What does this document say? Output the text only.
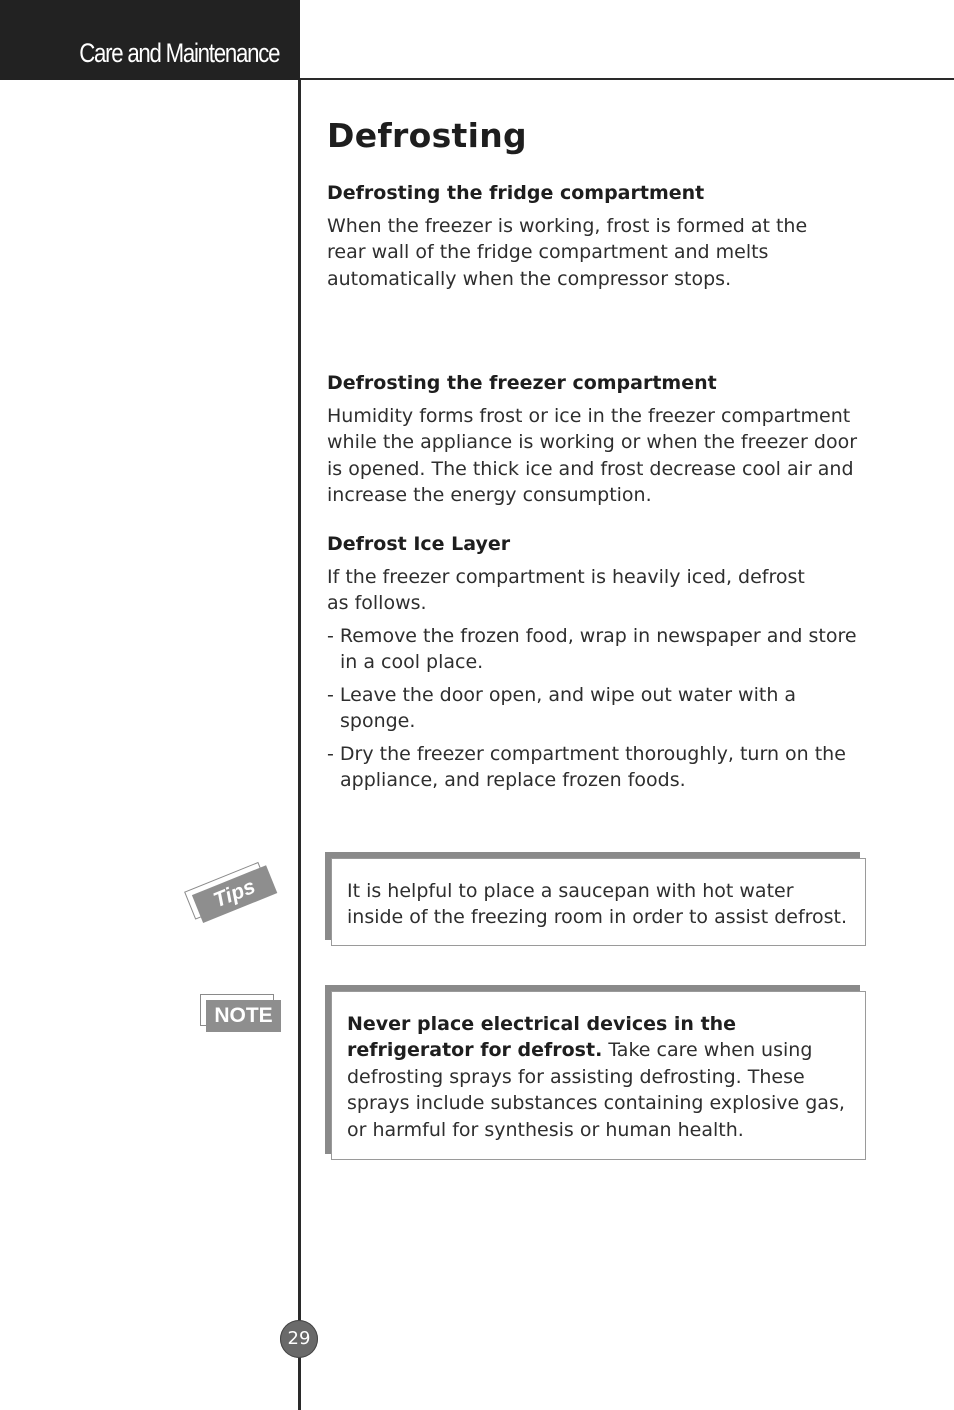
Care and Maintenance
Defrosting
Defrosting the fridge compartment

When the freezer is working, frost is formed at the rear wall of the fridge compartment and melts automatically when the compressor stops.

Defrosting the freezer compartment

Humidity forms frost or ice in the freezer compartment while the appliance is working or when the freezer door is opened. The thick ice and frost decrease cool air and increase the energy consumption.

Defrost Ice Layer

If the freezer compartment is heavily iced, defrost as follows.

- Remove the frozen food, wrap in newspaper and store in a cool place.

- Leave the door open, and wipe out water with a sponge.

- Dry the freezer compartment thoroughly, turn on the appliance, and replace frozen foods.

Tips	It is helpful to place a saucepan with hot water inside of the freezing room in order to assist defrost.
NOTE	Never place electrical devices in the refrigerator for defrost. Take care when using defrosting sprays for assisting defrosting. These sprays include substances containing explosive gas, or harmful for synthesis or human health.
29
